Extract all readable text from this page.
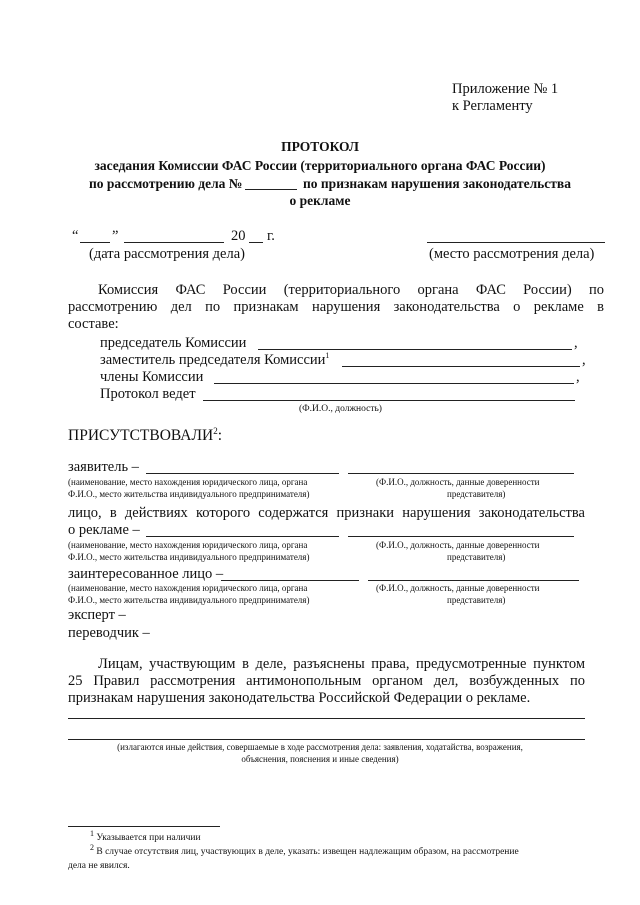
Приложение № 1
к Регламенту
ПРОТОКОЛ
заседания Комиссии ФАС России (территориального органа ФАС России)
по рассмотрению дела №	по признакам нарушения законодательства
о рекламе
“ ”	20 г.
(дата рассмотрения дела)	(место рассмотрения дела)
Комиссия ФАС России (территориального органа ФАС России) по
рассмотрению дел по признакам нарушения законодательства о рекламе в
составе:
председатель Комиссии	,
заместитель председателя Комиссии$^1$	,
члены Комиссии	,
Протокол ведет
(Ф.И.О., должность)
ПРИСУТСТВОВАЛИ$^2$:
заявитель –
(наименование, место нахождения юридического лица, органа
Ф.И.О., место жительства индивидуального предпринимателя)
(Ф.И.О., должность, данные доверенности
представителя)
лицо, в действиях которого содержатся признаки нарушения законодательства
о рекламе –
(наименование, место нахождения юридического лица, органа
Ф.И.О., место жительства индивидуального предпринимателя)
(Ф.И.О., должность, данные доверенности
представителя)
заинтересованное лицо –
(наименование, место нахождения юридического лица, органа
Ф.И.О., место жительства индивидуального предпринимателя)
(Ф.И.О., должность, данные доверенности
представителя)
эксперт –
переводчик –
Лицам, участвующим в деле, разъяснены права, предусмотренные пунктом
25 Правил рассмотрения антимонопольным органом дел, возбужденных по
признакам нарушения законодательства Российской Федерации о рекламе.
(излагаются иные действия, совершаемые в ходе рассмотрения дела: заявления, ходатайства, возражения,
объяснения, пояснения и иные сведения)
$^1$ Указывается при наличии
$^2$ В случае отсутствия лиц, участвующих в деле, указать: извещен надлежащим образом, на рассмотрение
дела не явился.
